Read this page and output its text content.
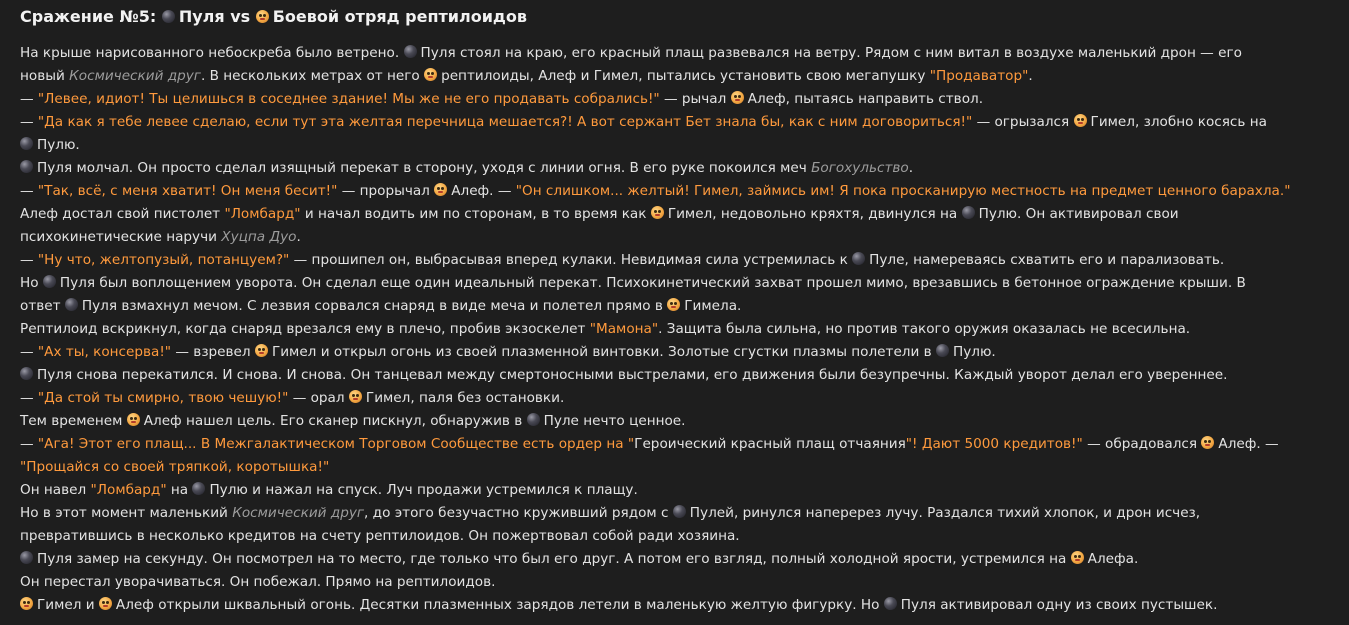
Сражение №5: Пуля vs Боевой отряд рептилоидов
На крыше нарисованного небоскреба было ветрено. Пуля стоял на краю, его красный плащ развевался на ветру. Рядом с ним витал в воздухе маленький дрон — его
новый Космический друг. В нескольких метрах от него рептилоиды, Алеф и Гимел, пытались установить свою мегапушку "Продаватор".
— "Левее, идиот! Ты целишься в соседнее здание! Мы же не его продавать собрались!" — рычал Алеф, пытаясь направить ствол.
— "Да как я тебе левее сделаю, если тут эта желтая перечница мешается?! А вот сержант Бет знала бы, как с ним договориться!" — огрызался Гимел, злобно косясь на
Пулю.
Пуля молчал. Он просто сделал изящный перекат в сторону, уходя с линии огня. В его руке покоился меч Богохульство.
— "Так, всё, с меня хватит! Он меня бесит!" — прорычал Алеф. — "Он слишком... желтый! Гимел, займись им! Я пока просканирую местность на предмет ценного барахла."
Алеф достал свой пистолет "Ломбард" и начал водить им по сторонам, в то время как Гимел, недовольно кряхтя, двинулся на Пулю. Он активировал свои
психокинетические наручи Хуцпа Дуо.
— "Ну что, желтопузый, потанцуем?" — прошипел он, выбрасывая вперед кулаки. Невидимая сила устремилась к Пуле, намереваясь схватить его и парализовать.
Но Пуля был воплощением уворота. Он сделал еще один идеальный перекат. Психокинетический захват прошел мимо, врезавшись в бетонное ограждение крыши. В
ответ Пуля взмахнул мечом. С лезвия сорвался снаряд в виде меча и полетел прямо в Гимела.
Рептилоид вскрикнул, когда снаряд врезался ему в плечо, пробив экзоскелет "Мамона". Защита была сильна, но против такого оружия оказалась не всесильна.
— "Ах ты, консерва!" — взревел Гимел и открыл огонь из своей плазменной винтовки. Золотые сгустки плазмы полетели в Пулю.
Пуля снова перекатился. И снова. И снова. Он танцевал между смертоносными выстрелами, его движения были безупречны. Каждый уворот делал его увереннее.
— "Да стой ты смирно, твою чешую!" — орал Гимел, паля без остановки.
Тем временем Алеф нашел цель. Его сканер пискнул, обнаружив в Пуле нечто ценное.
— "Ага! Этот его плащ... В Межгалактическом Торговом Сообществе есть ордер на "Героический красный плащ отчаяния"! Дают 5000 кредитов!" — обрадовался Алеф. —
"Прощайся со своей тряпкой, коротышка!"
Он навел "Ломбард" на Пулю и нажал на спуск. Луч продажи устремился к плащу.
Но в этот момент маленький Космический друг, до этого безучастно круживший рядом с Пулей, ринулся наперерез лучу. Раздался тихий хлопок, и дрон исчез,
превратившись в несколько кредитов на счету рептилоидов. Он пожертвовал собой ради хозяина.
Пуля замер на секунду. Он посмотрел на то место, где только что был его друг. А потом его взгляд, полный холодной ярости, устремился на Алефа.
Он перестал уворачиваться. Он побежал. Прямо на рептилоидов.
Гимел и Алеф открыли шквальный огонь. Десятки плазменных зарядов летели в маленькую желтую фигурку. Но Пуля активировал одну из своих пустышек.
